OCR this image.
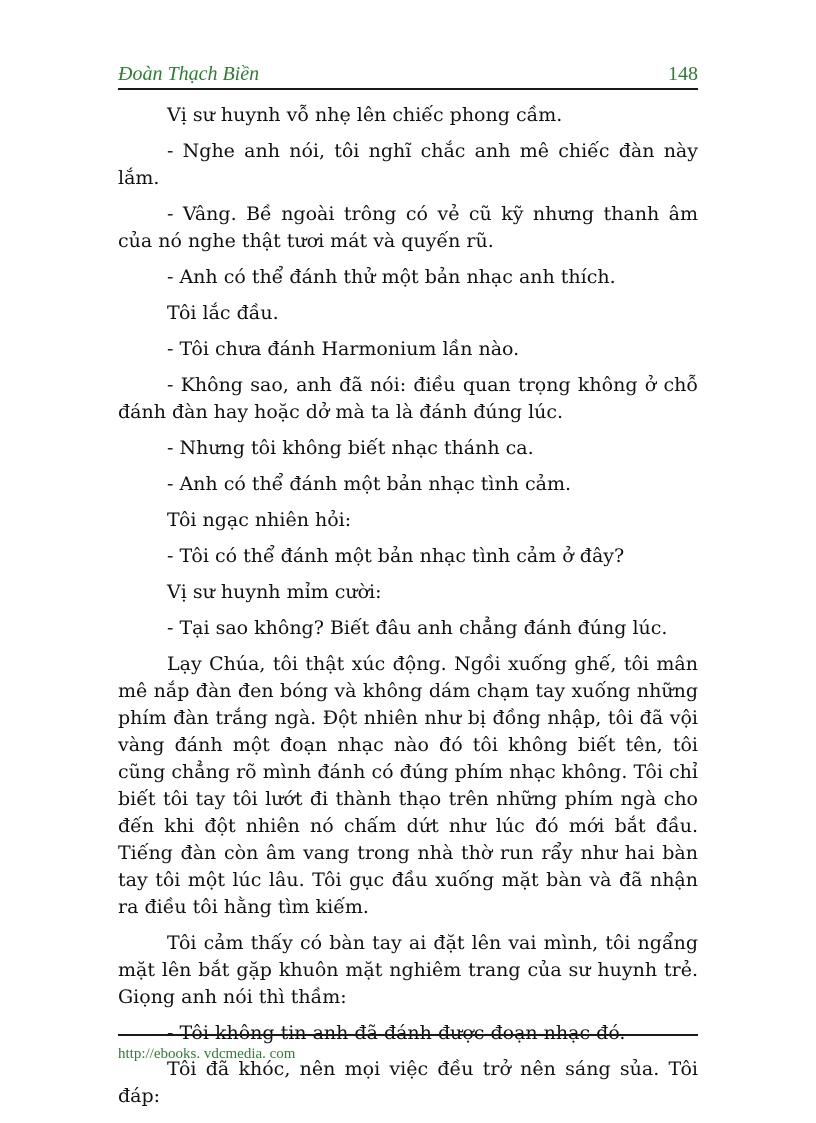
Đoàn Thạch Biền	148

Vị sư huynh vỗ nhẹ lên chiếc phong cầm.

- Nghe anh nói, tôi nghĩ chắc anh mê chiếc đàn này lắm.

- Vâng. Bề ngoài trông có vẻ cũ kỹ nhưng thanh âm của nó nghe thật tươi mát và quyến rũ.

- Anh có thể đánh thử một bản nhạc anh thích.

Tôi lắc đầu.

- Tôi chưa đánh Harmonium lần nào.

- Không sao, anh đã nói: điều quan trọng không ở chỗ đánh đàn hay hoặc dở mà ta là đánh đúng lúc.

- Nhưng tôi không biết nhạc thánh ca.

- Anh có thể đánh một bản nhạc tình cảm.

Tôi ngạc nhiên hỏi:

- Tôi có thể đánh một bản nhạc tình cảm ở đây?

Vị sư huynh mỉm cười:

- Tại sao không? Biết đâu anh chẳng đánh đúng lúc.

Lạy Chúa, tôi thật xúc động. Ngồi xuống ghế, tôi mân mê nắp đàn đen bóng và không dám chạm tay xuống những phím đàn trắng ngà. Đột nhiên như bị đồng nhập, tôi đã vội vàng đánh một đoạn nhạc nào đó tôi không biết tên, tôi cũng chẳng rõ mình đánh có đúng phím nhạc không. Tôi chỉ biết tôi tay tôi lướt đi thành thạo trên những phím ngà cho đến khi đột nhiên nó chấm dứt như lúc đó mới bắt đầu. Tiếng đàn còn âm vang trong nhà thờ run rẩy như hai bàn tay tôi một lúc lâu. Tôi gục đầu xuống mặt bàn và đã nhận ra điều tôi hằng tìm kiếm.

Tôi cảm thấy có bàn tay ai đặt lên vai mình, tôi ngẩng mặt lên bắt gặp khuôn mặt nghiêm trang của sư huynh trẻ. Giọng anh nói thì thầm:

- Tôi không tin anh đã đánh được đoạn nhạc đó.

Tôi đã khóc, nên mọi việc đều trở nên sáng sủa. Tôi đáp:

http://ebooks. vdcmedia. com
